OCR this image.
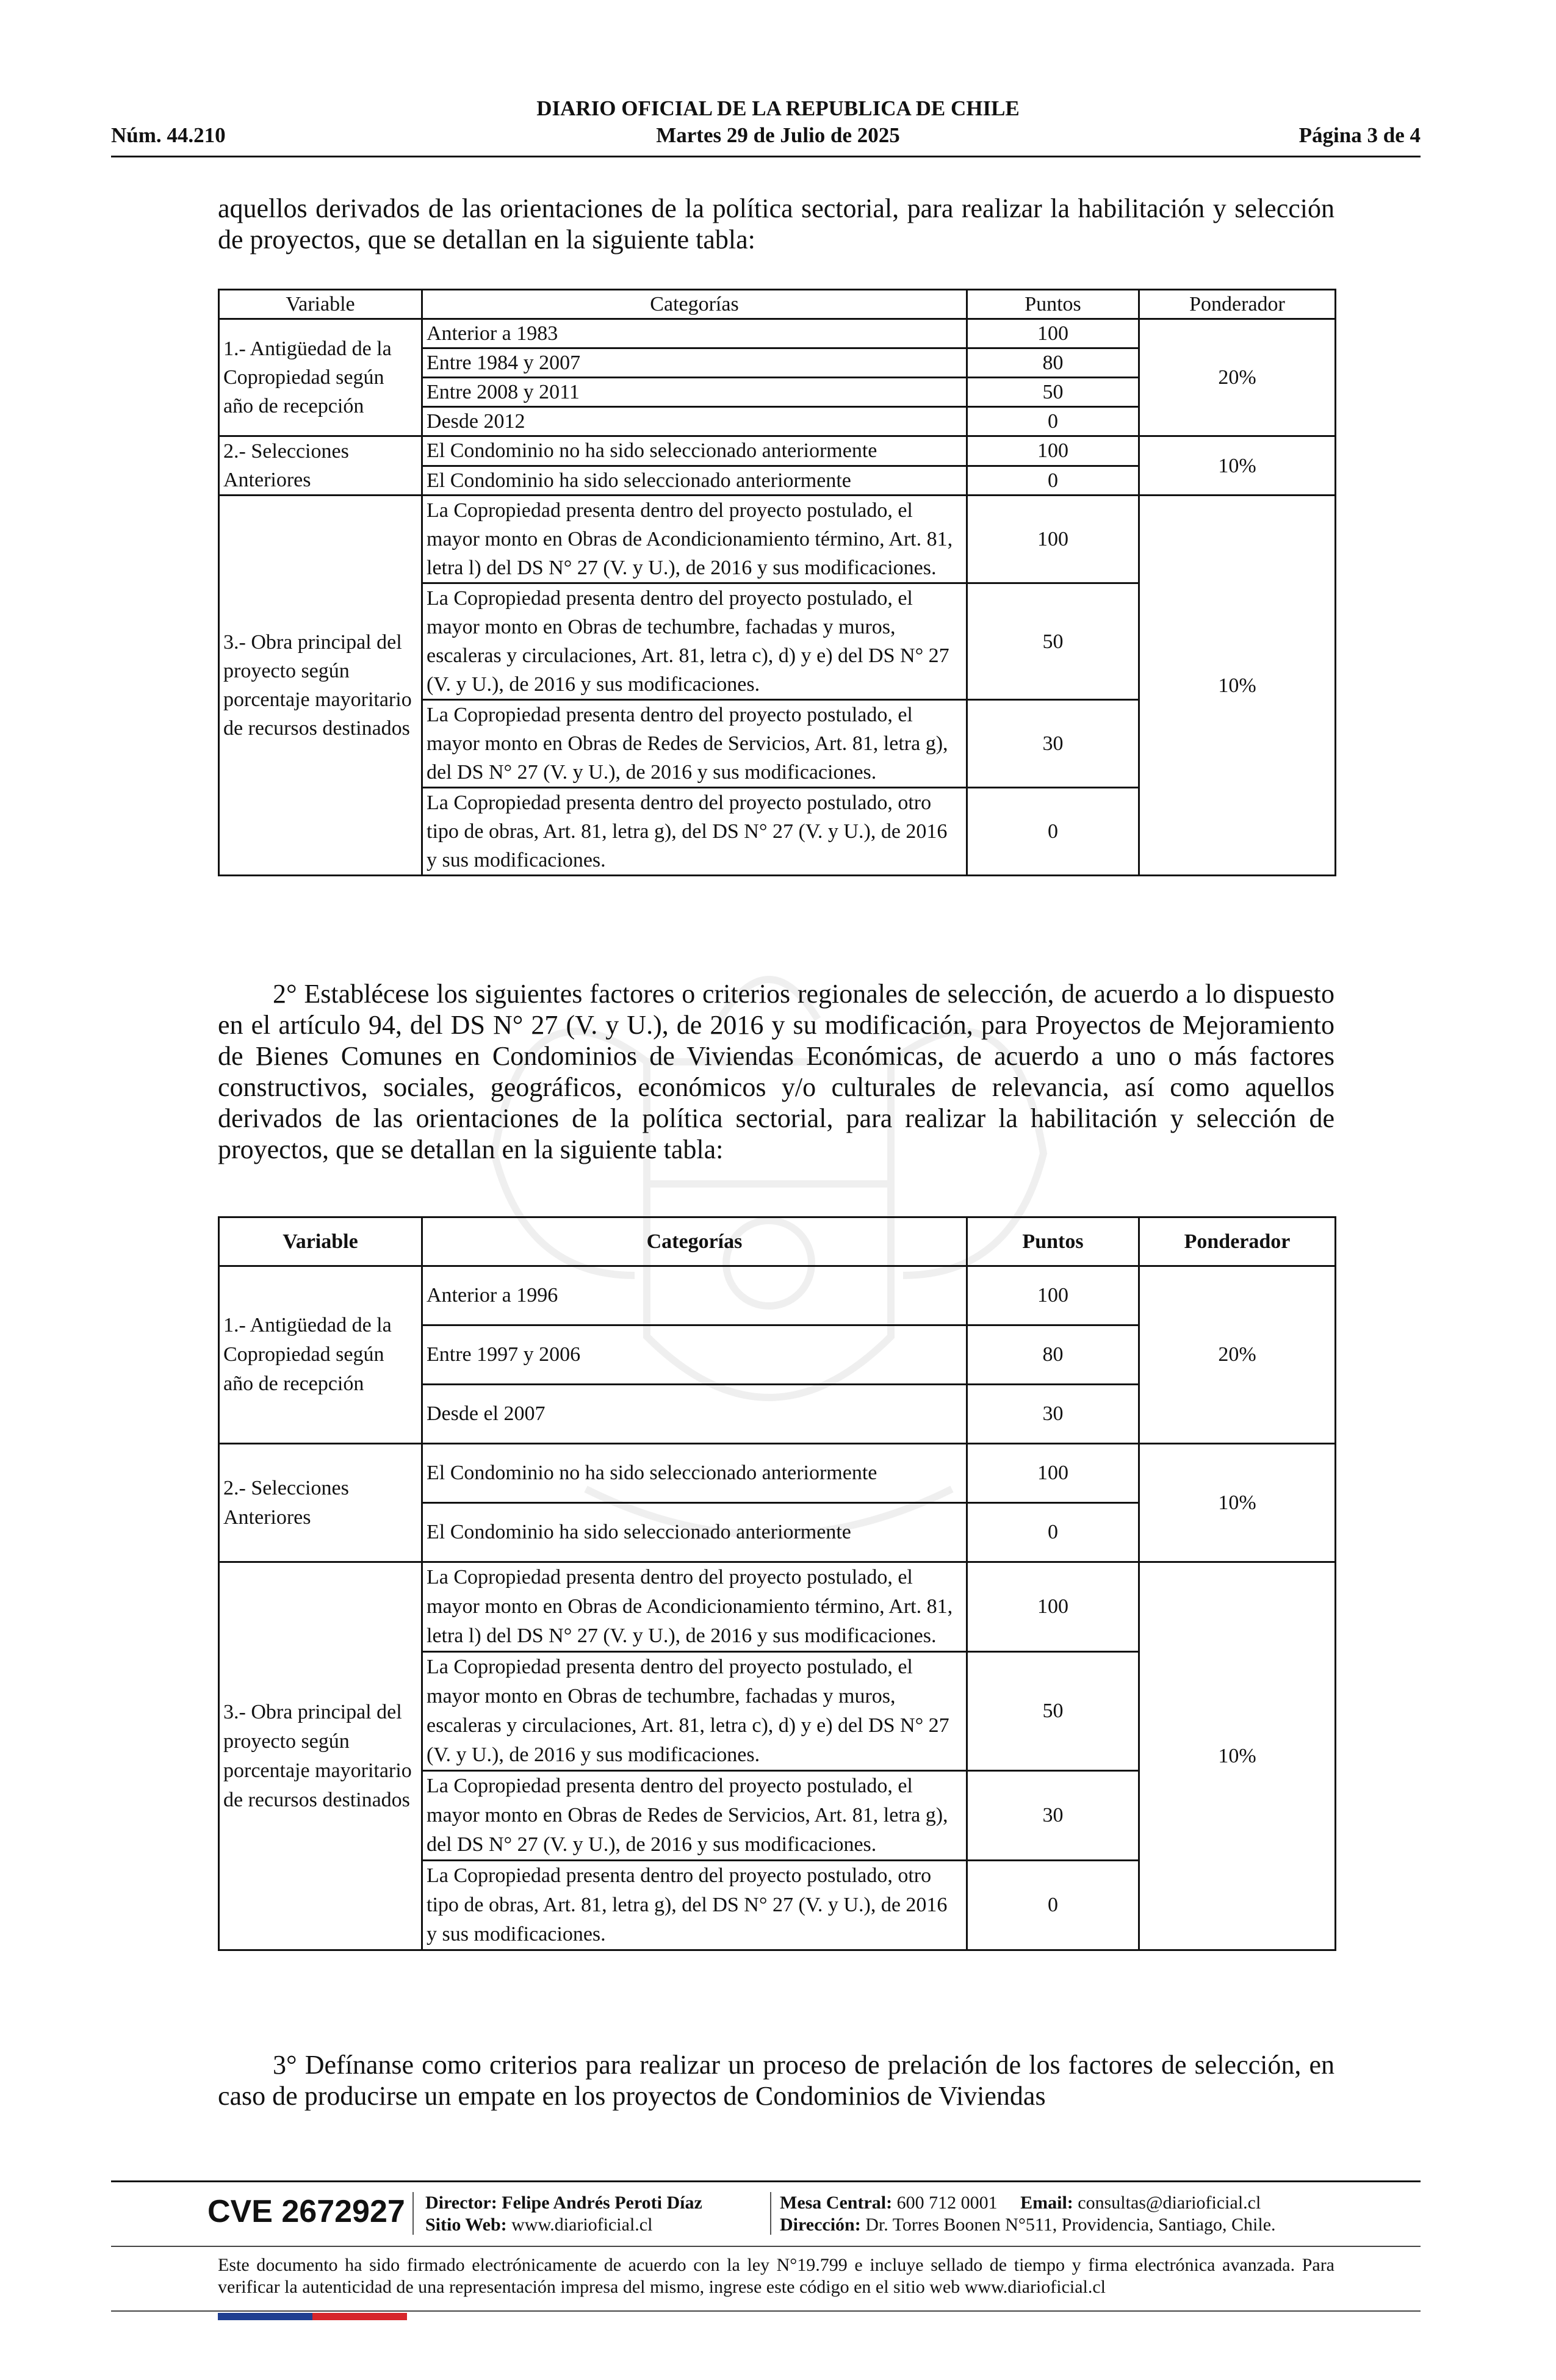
DIARIO OFICIAL DE LA REPUBLICA DE CHILE
Martes 29 de Julio de 2025
Núm. 44.210	Página 3 de 4
aquellos derivados de las orientaciones de la política sectorial, para realizar la habilitación y selección de proyectos, que se detallan en la siguiente tabla:
Variable	Categorías	Puntos	Ponderador
1.- Antigüedad de la Copropiedad según año de recepción	Anterior a 1983	100	20%
	Entre 1984 y 2007	80	
	Entre 2008 y 2011	50	
	Desde 2012	0	
2.- Selecciones Anteriores	El Condominio no ha sido seleccionado anteriormente	100	10%
	El Condominio ha sido seleccionado anteriormente	0	
3.- Obra principal del proyecto según porcentaje mayoritario de recursos destinados	La Copropiedad presenta dentro del proyecto postulado, el mayor monto en Obras de Acondicionamiento término, Art. 81, letra l) del DS N° 27 (V. y U.), de 2016 y sus modificaciones.	100	10%
	La Copropiedad presenta dentro del proyecto postulado, el mayor monto en Obras de techumbre, fachadas y muros, escaleras y circulaciones, Art. 81, letra c), d) y e) del DS N° 27 (V. y U.), de 2016 y sus modificaciones.	50	
	La Copropiedad presenta dentro del proyecto postulado, el mayor monto en Obras de Redes de Servicios, Art. 81, letra g), del DS N° 27 (V. y U.), de 2016 y sus modificaciones.	30	
	La Copropiedad presenta dentro del proyecto postulado, otro tipo de obras, Art. 81, letra g), del DS N° 27 (V. y U.), de 2016 y sus modificaciones.	0	
2° Establécese los siguientes factores o criterios regionales de selección, de acuerdo a lo dispuesto en el artículo 94, del DS N° 27 (V. y U.), de 2016 y su modificación, para Proyectos de Mejoramiento de Bienes Comunes en Condominios de Viviendas Económicas, de acuerdo a uno o más factores constructivos, sociales, geográficos, económicos y/o culturales de relevancia, así como aquellos derivados de las orientaciones de la política sectorial, para realizar la habilitación y selección de proyectos, que se detallan en la siguiente tabla:
Variable	Categorías	Puntos	Ponderador
1.- Antigüedad de la Copropiedad según año de recepción	Anterior a 1996	100	20%
	Entre 1997 y 2006	80	
	Desde el 2007	30	
2.- Selecciones Anteriores	El Condominio no ha sido seleccionado anteriormente	100	10%
	El Condominio ha sido seleccionado anteriormente	0	
3.- Obra principal del proyecto según porcentaje mayoritario de recursos destinados	La Copropiedad presenta dentro del proyecto postulado, el mayor monto en Obras de Acondicionamiento término, Art. 81, letra l) del DS N° 27 (V. y U.), de 2016 y sus modificaciones.	100	10%
	La Copropiedad presenta dentro del proyecto postulado, el mayor monto en Obras de techumbre, fachadas y muros, escaleras y circulaciones, Art. 81, letra c), d) y e) del DS N° 27 (V. y U.), de 2016 y sus modificaciones.	50	
	La Copropiedad presenta dentro del proyecto postulado, el mayor monto en Obras de Redes de Servicios, Art. 81, letra g), del DS N° 27 (V. y U.), de 2016 y sus modificaciones.	30	
	La Copropiedad presenta dentro del proyecto postulado, otro tipo de obras, Art. 81, letra g), del DS N° 27 (V. y U.), de 2016 y sus modificaciones.	0	
3° Defínanse como criterios para realizar un proceso de prelación de los factores de selección, en caso de producirse un empate en los proyectos de Condominios de Viviendas
CVE 2672927 Director: Felipe Andrés Peroti Díaz
Sitio Web: www.diarioficial.cl
Mesa Central: 600 712 0001 Email: consultas@diarioficial.cl
Dirección: Dr. Torres Boonen N°511, Providencia, Santiago, Chile.
Este documento ha sido firmado electrónicamente de acuerdo con la ley N°19.799 e incluye sellado de tiempo y firma electrónica avanzada. Para verificar la autenticidad de una representación impresa del mismo, ingrese este código en el sitio web www.diarioficial.cl
